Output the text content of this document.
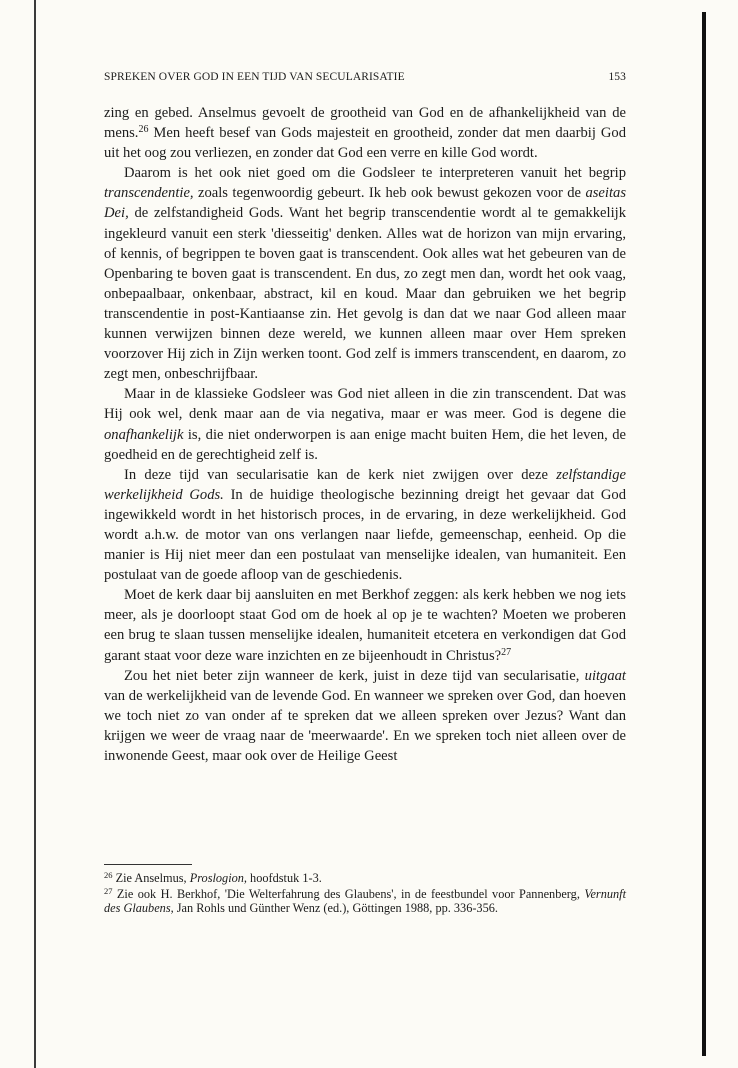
SPREKEN OVER GOD IN EEN TIJD VAN SECULARISATIE	153

zing en gebed. Anselmus gevoelt de grootheid van God en de afhankelijkheid van de mens.$^{26}$ Men heeft besef van Gods majesteit en grootheid, zonder dat men daarbij God uit het oog zou verliezen, en zonder dat God een verre en kille God wordt.

Daarom is het ook niet goed om die Godsleer te interpreteren vanuit het begrip transcendentie, zoals tegenwoordig gebeurt. Ik heb ook bewust gekozen voor de aseitas Dei, de zelfstandigheid Gods. Want het begrip transcendentie wordt al te gemakkelijk ingekleurd vanuit een sterk 'diesseitig' denken. Alles wat de horizon van mijn ervaring, of kennis, of begrippen te boven gaat is transcendent. Ook alles wat het gebeuren van de Openbaring te boven gaat is transcendent. En dus, zo zegt men dan, wordt het ook vaag, onbepaalbaar, onkenbaar, abstract, kil en koud. Maar dan gebruiken we het begrip transcendentie in post-Kantiaanse zin. Het gevolg is dan dat we naar God alleen maar kunnen verwijzen binnen deze wereld, we kunnen alleen maar over Hem spreken voorzover Hij zich in Zijn werken toont. God zelf is immers transcendent, en daarom, zo zegt men, onbeschrijfbaar.

Maar in de klassieke Godsleer was God niet alleen in die zin transcendent. Dat was Hij ook wel, denk maar aan de via negativa, maar er was meer. God is degene die onafhankelijk is, die niet onderworpen is aan enige macht buiten Hem, die het leven, de goedheid en de gerechtigheid zelf is.

In deze tijd van secularisatie kan de kerk niet zwijgen over deze zelfstandige werkelijkheid Gods. In de huidige theologische bezinning dreigt het gevaar dat God ingewikkeld wordt in het historisch proces, in de ervaring, in deze werkelijkheid. God wordt a.h.w. de motor van ons verlangen naar liefde, gemeenschap, eenheid. Op die manier is Hij niet meer dan een postulaat van menselijke idealen, van humaniteit. Een postulaat van de goede afloop van de geschiedenis.

Moet de kerk daar bij aansluiten en met Berkhof zeggen: als kerk hebben we nog iets meer, als je doorloopt staat God om de hoek al op je te wachten? Moeten we proberen een brug te slaan tussen menselijke idealen, humaniteit etcetera en verkondigen dat God garant staat voor deze ware inzichten en ze bijeenhoudt in Christus?$^{27}$

Zou het niet beter zijn wanneer de kerk, juist in deze tijd van secularisatie, uitgaat van de werkelijkheid van de levende God. En wanneer we spreken over God, dan hoeven we toch niet zo van onder af te spreken dat we alleen spreken over Jezus? Want dan krijgen we weer de vraag naar de 'meerwaarde'. En we spreken toch niet alleen over de inwonende Geest, maar ook over de Heilige Geest

$^{26}$ Zie Anselmus, Proslogion, hoofdstuk 1-3.

$^{27}$ Zie ook H. Berkhof, 'Die Welterfahrung des Glaubens', in de feestbundel voor Pannenberg, Vernunft des Glaubens, Jan Rohls und Günther Wenz (ed.), Göttingen 1988, pp. 336-356.
